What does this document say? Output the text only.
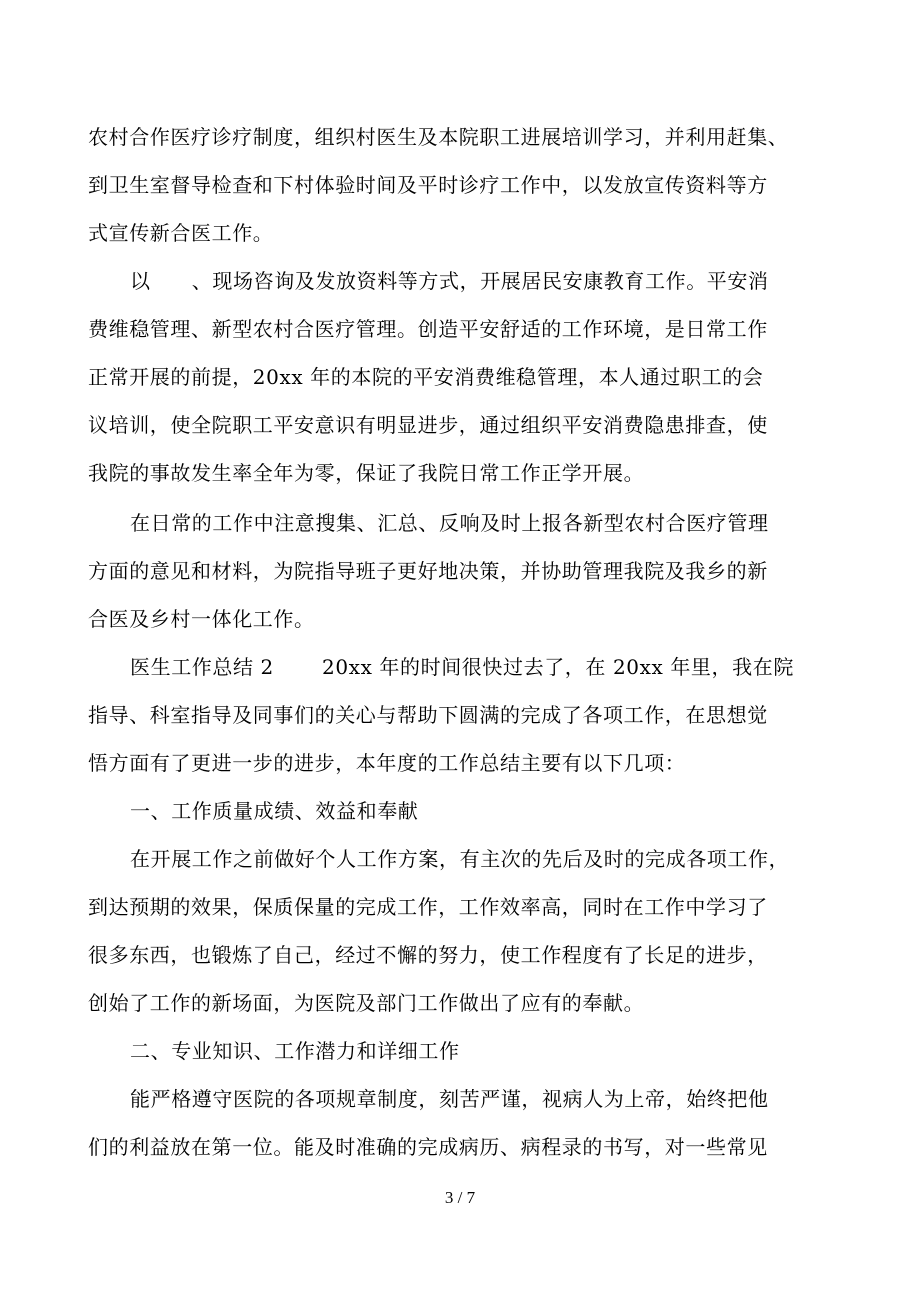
农村合作医疗诊疗制度，组织村医生及本院职工进展培训学习，并利用赶集、
到卫生室督导检查和下村体验时间及平时诊疗工作中，以发放宣传资料等方
式宣传新合医工作。
以　　、现场咨询及发放资料等方式，开展居民安康教育工作。平安消
费维稳管理、新型农村合医疗管理。创造平安舒适的工作环境，是日常工作
正常开展的前提，20xx 年的本院的平安消费维稳管理，本人通过职工的会
议培训，使全院职工平安意识有明显进步，通过组织平安消费隐患排查，使
我院的事故发生率全年为零，保证了我院日常工作正学开展。
在日常的工作中注意搜集、汇总、反响及时上报各新型农村合医疗管理
方面的意见和材料，为院指导班子更好地决策，并协助管理我院及我乡的新
合医及乡村一体化工作。
医生工作总结 2　　 20xx 年的时间很快过去了，在 20xx 年里，我在院
指导、科室指导及同事们的关心与帮助下圆满的完成了各项工作，在思想觉
悟方面有了更进一步的进步，本年度的工作总结主要有以下几项：
一、工作质量成绩、效益和奉献
在开展工作之前做好个人工作方案，有主次的先后及时的完成各项工作，
到达预期的效果，保质保量的完成工作，工作效率高，同时在工作中学习了
很多东西，也锻炼了自己，经过不懈的努力，使工作程度有了长足的进步，
创始了工作的新场面，为医院及部门工作做出了应有的奉献。
二、专业知识、工作潜力和详细工作
能严格遵守医院的各项规章制度，刻苦严谨，视病人为上帝，始终把他
们的利益放在第一位。能及时准确的完成病历、病程录的书写，对一些常见
3 / 7
